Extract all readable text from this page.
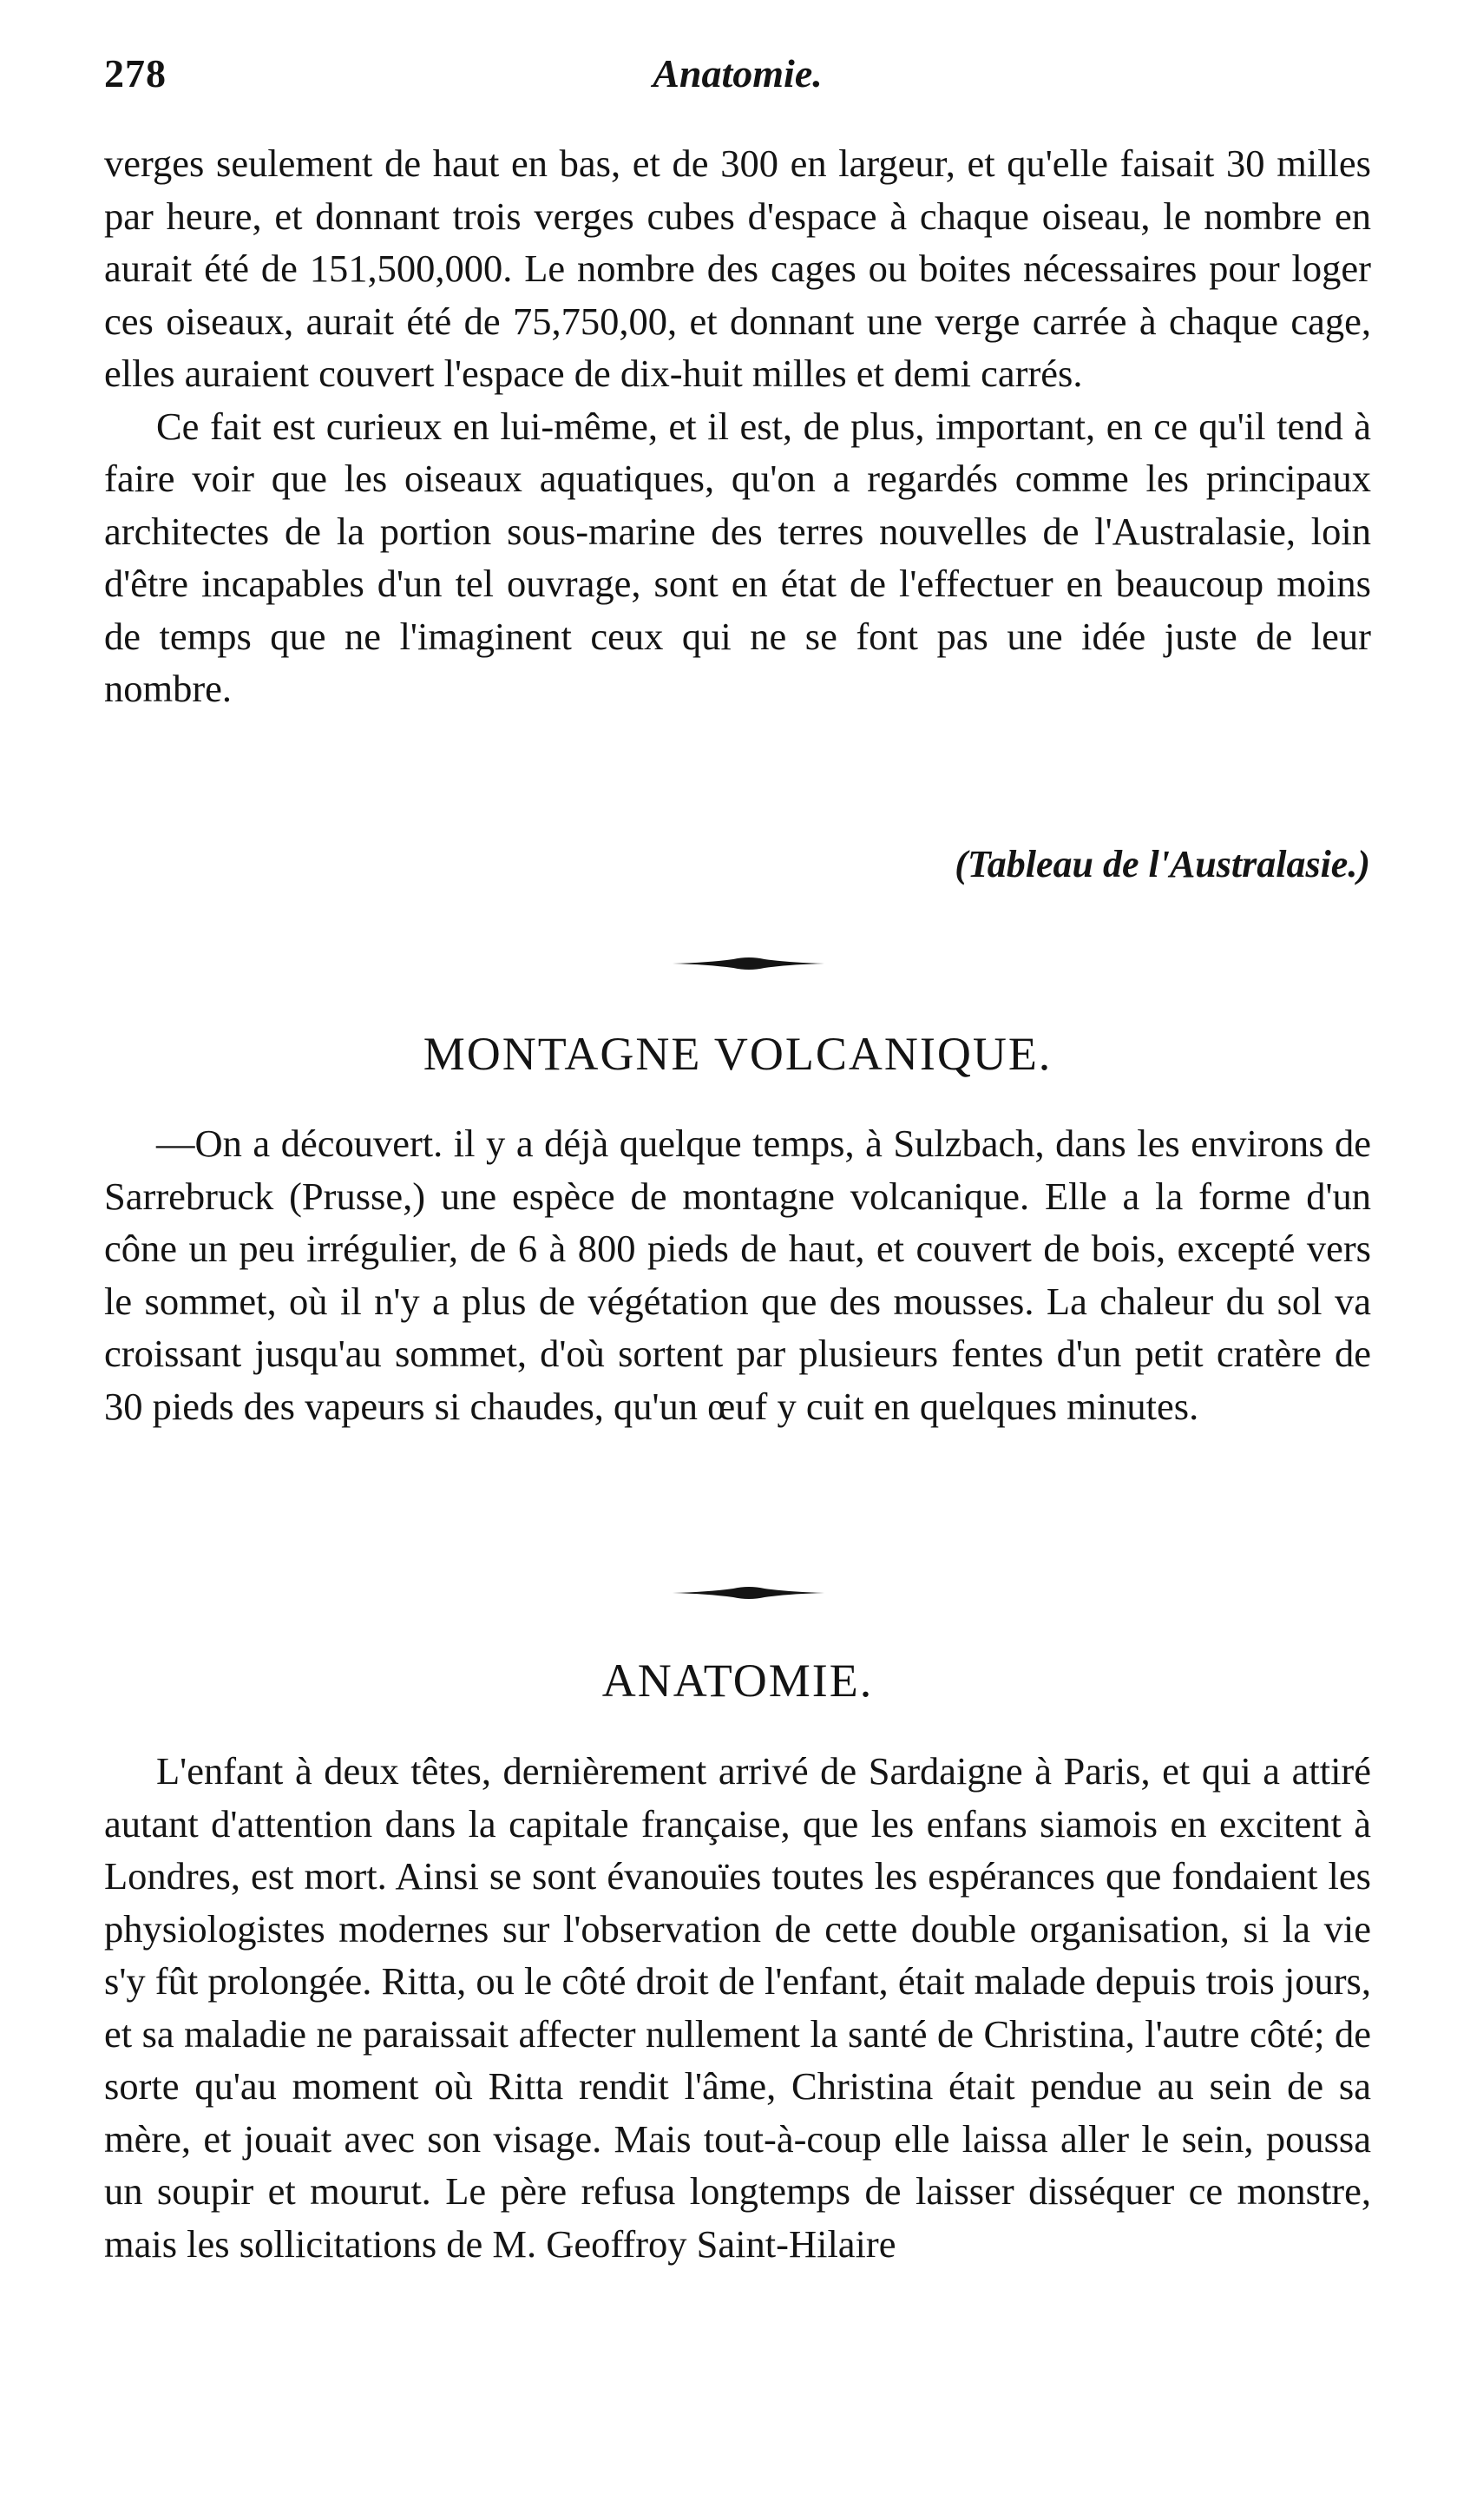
278	Anatomie.

verges seulement de haut en bas, et de 300 en largeur, et qu'elle faisait 30 milles par heure, et donnant trois verges cubes d'espace à chaque oiseau, le nombre en aurait été de 151,500,000. Le nombre des cages ou boites nécessaires pour loger ces oiseaux, aurait été de 75,750,00, et donnant une verge carrée à chaque cage, elles auraient couvert l'espace de dix-huit milles et demi carrés.

Ce fait est curieux en lui-même, et il est, de plus, important, en ce qu'il tend à faire voir que les oiseaux aquatiques, qu'on a regardés comme les principaux architectes de la portion sous-marine des terres nouvelles de l'Australasie, loin d'être incapables d'un tel ouvrage, sont en état de l'effectuer en beaucoup moins de temps que ne l'imaginent ceux qui ne se font pas une idée juste de leur nombre.

(Tableau de l'Australasie.)
MONTAGNE VOLCANIQUE.

—On a découvert. il y a déjà quelque temps, à Sulzbach, dans les environs de Sarrebruck (Prusse,) une espèce de montagne volcanique. Elle a la forme d'un cône un peu irrégulier, de 6 à 800 pieds de haut, et couvert de bois, excepté vers le sommet, où il n'y a plus de végétation que des mousses. La chaleur du sol va croissant jusqu'au sommet, d'où sortent par plusieurs fentes d'un petit cratère de 30 pieds des vapeurs si chaudes, qu'un œuf y cuit en quelques minutes.

ANATOMIE.

L'enfant à deux têtes, dernièrement arrivé de Sardaigne à Paris, et qui a attiré autant d'attention dans la capitale française, que les enfans siamois en excitent à Londres, est mort. Ainsi se sont évanouïes toutes les espérances que fondaient les physiologistes modernes sur l'observation de cette double organisation, si la vie s'y fût prolongée. Ritta, ou le côté droit de l'enfant, était malade depuis trois jours, et sa maladie ne paraissait affecter nullement la santé de Christina, l'autre côté; de sorte qu'au moment où Ritta rendit l'âme, Christina était pendue au sein de sa mère, et jouait avec son visage. Mais tout-à-coup elle laissa aller le sein, poussa un soupir et mourut. Le père refusa longtemps de laisser disséquer ce monstre, mais les sollicitations de M. Geoffroy Saint-Hilaire
